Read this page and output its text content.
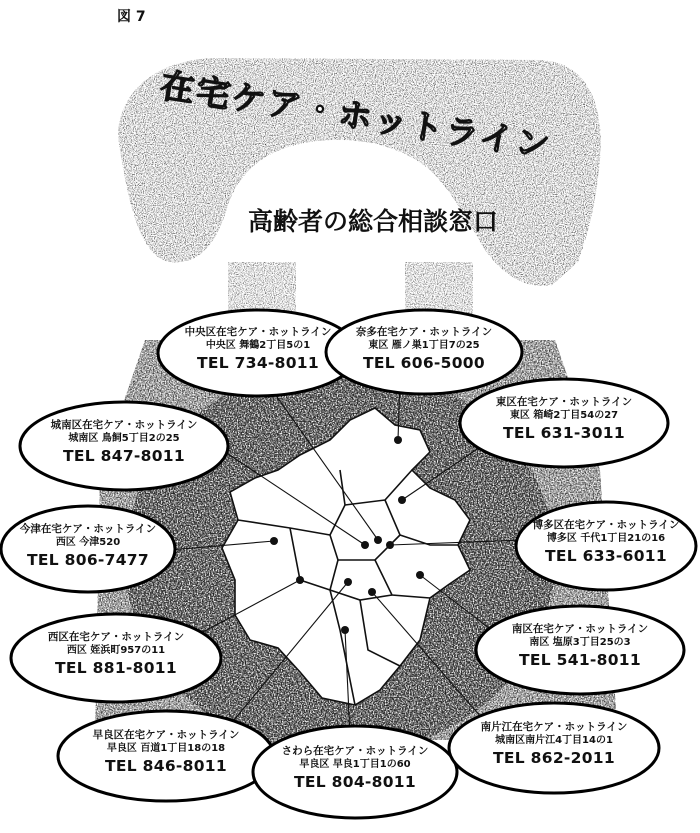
図 7
在宅ケア・ホットライン
高齢者の総合相談窓口
中央区在宅ケア・ホットライン
中央区 舞鶴2丁目5の1
TEL 734-8011
奈多在宅ケア・ホットライン
東区 雁ノ巣1丁目7の25
TEL 606-5000
東区在宅ケア・ホットライン
東区 箱崎2丁目54の27
TEL 631-3011
城南区在宅ケア・ホットライン
城南区 鳥飼5丁目2の25
TEL 847-8011
今津在宅ケア・ホットライン
西区 今津520
TEL 806-7477
博多区在宅ケア・ホットライン
博多区 千代1丁目21の16
TEL 633-6011
西区在宅ケア・ホットライン
西区 姪浜町957の11
TEL 881-8011
南区在宅ケア・ホットライン
南区 塩原3丁目25の3
TEL 541-8011
早良区在宅ケア・ホットライン
早良区 百道1丁目18の18
TEL 846-8011
さわら在宅ケア・ホットライン
早良区 早良1丁目1の60
TEL 804-8011
南片江在宅ケア・ホットライン
城南区南片江4丁目14の1
TEL 862-2011
